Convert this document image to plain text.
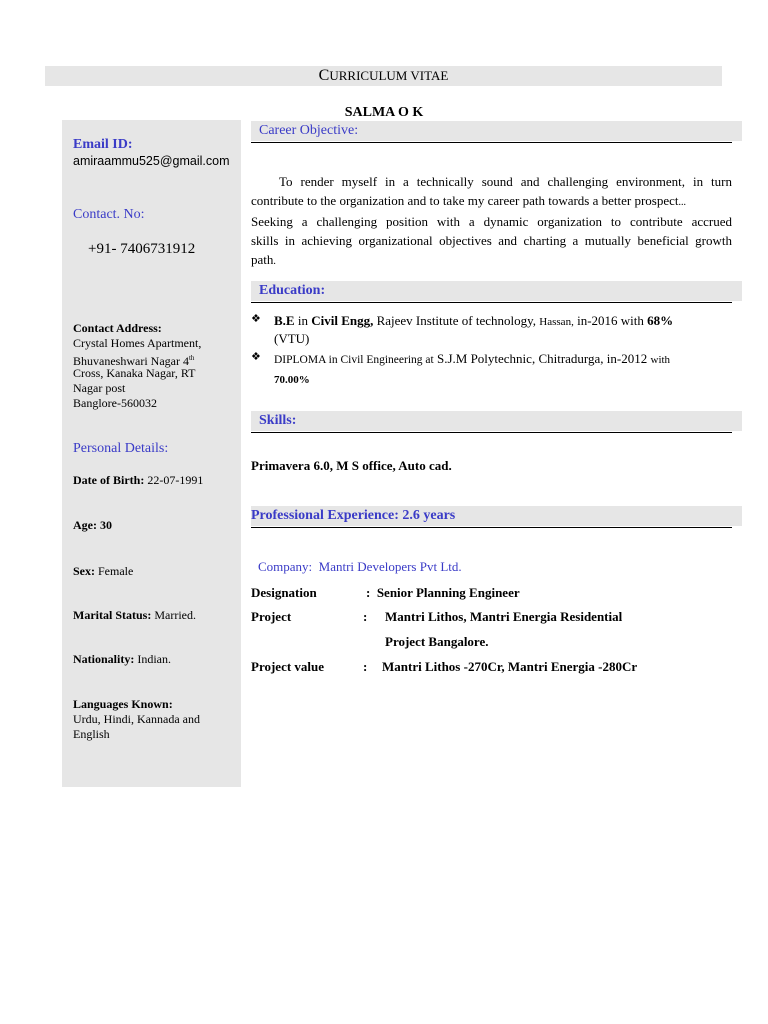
CURRICULUM VITAE
SALMA O K
Email ID:
amiraammu525@gmail.com
Contact. No:
+91- 7406731912
Contact Address:
Crystal Homes Apartment,
Bhuvaneshwari Nagar 4th
Cross, Kanaka Nagar, RT
Nagar post
Banglore-560032
Personal Details:
Date of Birth: 22-07-1991
Age: 30
Sex: Female
Marital Status: Married.
Nationality: Indian.
Languages Known:
Urdu, Hindi, Kannada and
English
Career Objective:
To render myself in a technically sound and challenging environment, in turn
contribute to the organization and to take my career path towards a better prospect...
Seeking a challenging position with a dynamic organization to contribute accrued
skills in achieving organizational objectives and charting a mutually beneficial growth
path.
Education:
❖ B.E in Civil Engg, Rajeev Institute of technology, Hassan, in-2016 with 68%
(VTU)
❖ DIPLOMA in Civil Engineering at S.J.M Polytechnic, Chitradurga, in-2012 with
70.00%
Skills:
Primavera 6.0, M S office, Auto cad.
Professional Experience: 2.6 years
Company:  Mantri Developers Pvt Ltd.
Designation	:  Senior Planning Engineer
Project	: Mantri Lithos, Mantri Energia Residential
Project Bangalore.
Project value	: Mantri Lithos -270Cr, Mantri Energia -280Cr
